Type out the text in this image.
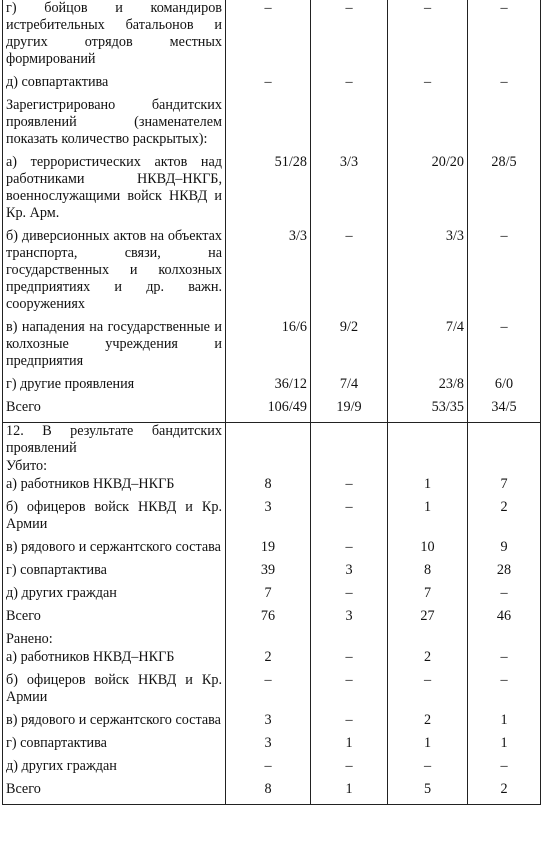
г) бойцов и командиров истребительных батальонов и других отрядов местных формирований	–	–	–	–
д) совпартактива	–	–	–	–
Зарегистрировано бандитских проявлений (знаменателем показать количество раскрытых):				
а) террористических актов над работниками НКВД–НКГБ, военнослужащими войск НКВД и Кр. Арм.	51/28	3/3	20/20	28/5
б) диверсионных актов на объектах транспорта, связи, на государственных и колхозных предприятиях и др. важн. сооружениях	3/3	–	3/3	–
в) нападения на государственные и колхозные учреждения и предприятия	16/6	9/2	7/4	–
г) другие проявления	36/12	7/4	23/8	6/0
Всего	106/49	19/9	53/35	34/5
12. В результате бандитских проявлений				
Убито:				
а) работников НКВД–НКГБ	8	–	1	7
б) офицеров войск НКВД и Кр. Армии	3	–	1	2
в) рядового и сержантского состава	19	–	10	9
г) совпартактива	39	3	8	28
д) других граждан	7	–	7	–
Всего	76	3	27	46
Ранено:				
а) работников НКВД–НКГБ	2	–	2	–
б) офицеров войск НКВД и Кр. Армии	–	–	–	–
в) рядового и сержантского состава	3	–	2	1
г) совпартактива	3	1	1	1
д) других граждан	–	–	–	–
Всего	8	1	5	2
